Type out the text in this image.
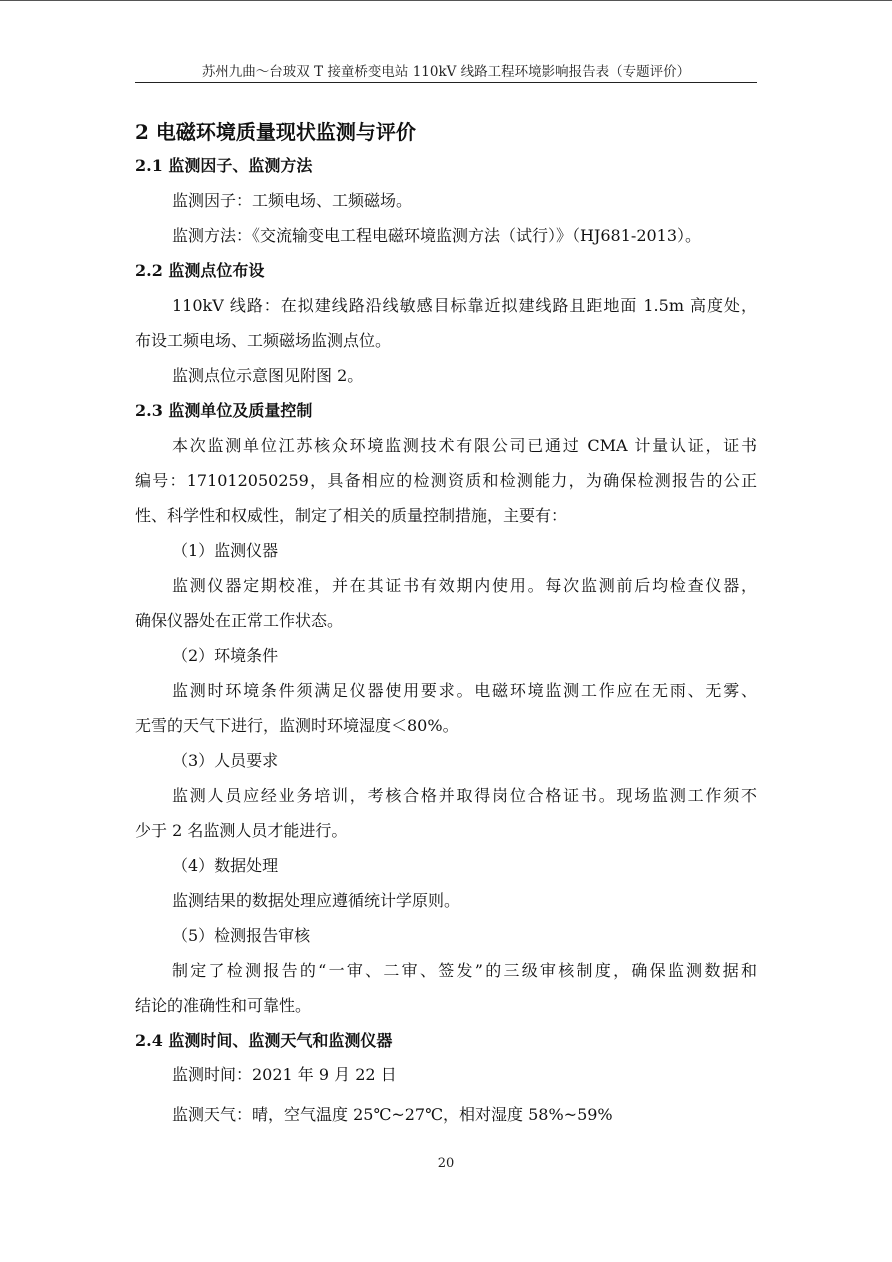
苏州九曲～台玻双 T 接童桥变电站 110kV 线路工程环境影响报告表（专题评价）
2 电磁环境质量现状监测与评价
2.1 监测因子、监测方法
监测因子：工频电场、工频磁场。
监测方法：《交流输变电工程电磁环境监测方法（试行）》（HJ681-2013）。
2.2 监测点位布设
110kV 线路：在拟建线路沿线敏感目标靠近拟建线路且距地面 1.5m 高度处，
布设工频电场、工频磁场监测点位。
监测点位示意图见附图 2。
2.3 监测单位及质量控制
本次监测单位江苏核众环境监测技术有限公司已通过 CMA 计量认证，证书
编号：171012050259，具备相应的检测资质和检测能力，为确保检测报告的公正
性、科学性和权威性，制定了相关的质量控制措施，主要有：
（1）监测仪器
监测仪器定期校准，并在其证书有效期内使用。每次监测前后均检查仪器，
确保仪器处在正常工作状态。
（2）环境条件
监测时环境条件须满足仪器使用要求。电磁环境监测工作应在无雨、无雾、
无雪的天气下进行，监测时环境湿度＜80%。
（3）人员要求
监测人员应经业务培训，考核合格并取得岗位合格证书。现场监测工作须不
少于 2 名监测人员才能进行。
（4）数据处理
监测结果的数据处理应遵循统计学原则。
（5）检测报告审核
制定了检测报告的“一审、二审、签发”的三级审核制度，确保监测数据和
结论的准确性和可靠性。
2.4 监测时间、监测天气和监测仪器
监测时间：2021 年 9 月 22 日
监测天气：晴，空气温度 25℃~27℃，相对湿度 58%~59%
20
